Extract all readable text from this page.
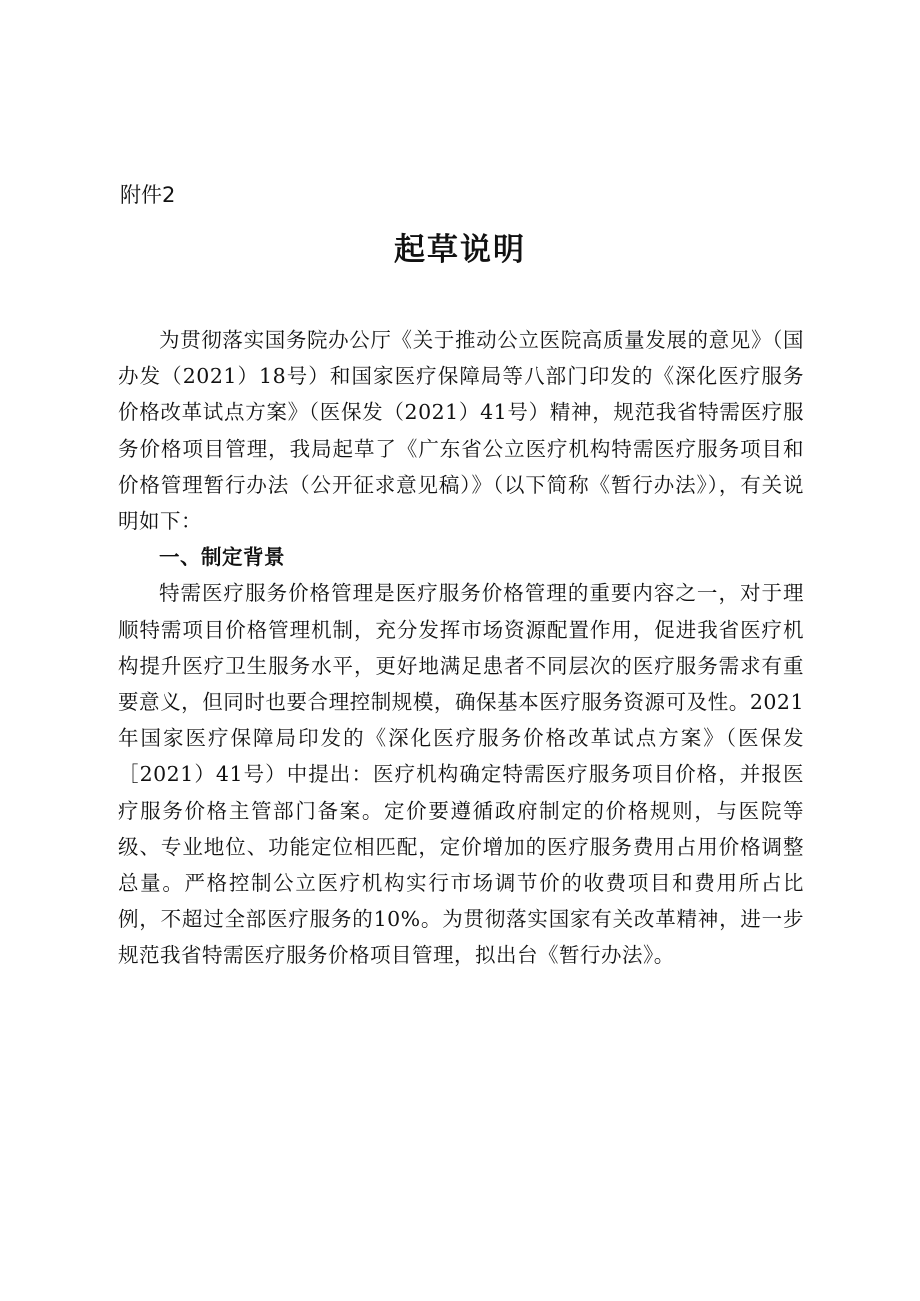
附件2

起草说明

为贯彻落实国务院办公厅《关于推动公立医院高质量发展的意见》（国办发（2021）18号）和国家医疗保障局等八部门印发的《深化医疗服务价格改革试点方案》（医保发（2021）41号）精神，规范我省特需医疗服务价格项目管理，我局起草了《广东省公立医疗机构特需医疗服务项目和价格管理暂行办法（公开征求意见稿）》（以下简称《暂行办法》），有关说明如下：

一、制定背景

特需医疗服务价格管理是医疗服务价格管理的重要内容之一，对于理顺特需项目价格管理机制，充分发挥市场资源配置作用，促进我省医疗机构提升医疗卫生服务水平，更好地满足患者不同层次的医疗服务需求有重要意义，但同时也要合理控制规模，确保基本医疗服务资源可及性。2021年国家医疗保障局印发的《深化医疗服务价格改革试点方案》（医保发［2021）41号）中提出：医疗机构确定特需医疗服务项目价格，并报医疗服务价格主管部门备案。定价要遵循政府制定的价格规则，与医院等级、专业地位、功能定位相匹配，定价增加的医疗服务费用占用价格调整总量。严格控制公立医疗机构实行市场调节价的收费项目和费用所占比例，不超过全部医疗服务的10%。为贯彻落实国家有关改革精神，进一步规范我省特需医疗服务价格项目管理，拟出台《暂行办法》。
